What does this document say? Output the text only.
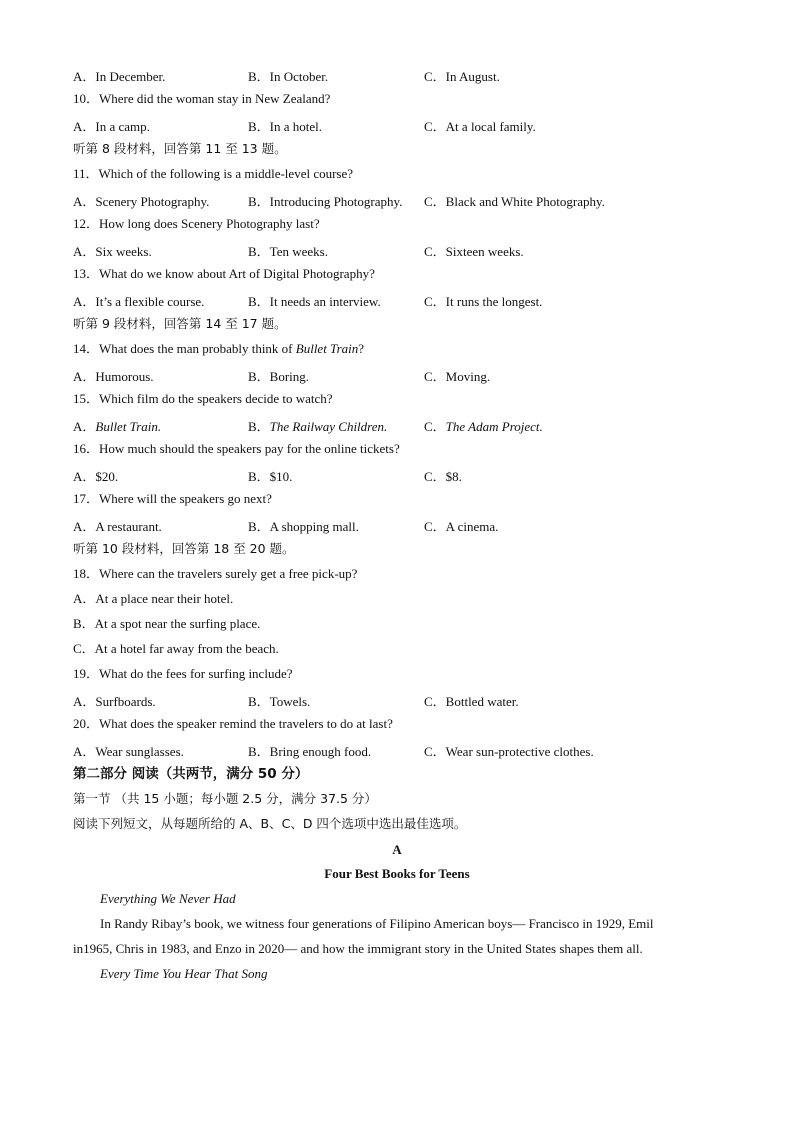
A．In December.	B．In October.	C．In August.
10．Where did the woman stay in New Zealand?
A．In a camp.	B．In a hotel.	C．At a local family.
听第 8 段材料，回答第 11 至 13 题。
11．Which of the following is a middle-level course?
A．Scenery Photography.	B．Introducing Photography. C．Black and White Photography.
12．How long does Scenery Photography last?
A．Six weeks.	B．Ten weeks.	C．Sixteen weeks.
13．What do we know about Art of Digital Photography?
A．It’s a flexible course.	B．It needs an interview.	C．It runs the longest.
听第 9 段材料，回答第 14 至 17 题。
14．What does the man probably think of Bullet Train?
A．Humorous.	B．Boring.	C．Moving.
15．Which film do the speakers decide to watch?
A．Bullet Train.	B．The Railway Children.	C．The Adam Project.
16．How much should the speakers pay for the online tickets?
A．$20.	B．$10.	C．$8.
17．Where will the speakers go next?
A．A restaurant.	B．A shopping mall.	C．A cinema.
听第 10 段材料，回答第 18 至 20 题。
18．Where can the travelers surely get a free pick-up?
A．At a place near their hotel.
B．At a spot near the surfing place.
C．At a hotel far away from the beach.
19．What do the fees for surfing include?
A．Surfboards.	B．Towels.	C．Bottled water.
20．What does the speaker remind the travelers to do at last?
A．Wear sunglasses.	B．Bring enough food.	C．Wear sun-protective clothes.
第二部分 阅读（共两节，满分 50 分）
第一节 （共 15 小题；每小题 2.5 分，满分 37.5 分）
阅读下列短文，从每题所给的 A、B、C、D 四个选项中选出最佳选项。
A
Four Best Books for Teens
Everything We Never Had
In Randy Ribay’s book, we witness four generations of Filipino American boys— Francisco in 1929, Emil
in1965, Chris in 1983, and Enzo in 2020— and how the immigrant story in the United States shapes them all.
Every Time You Hear That Song
